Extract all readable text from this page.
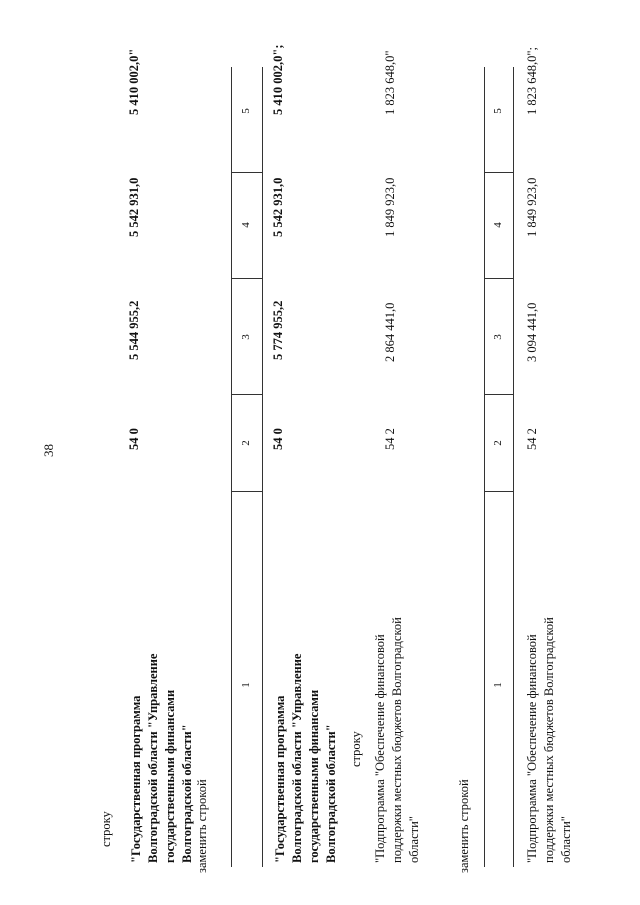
38
строку "Государственная программа Волгоградской области "Управление государственными финансами Волгоградской области"
54 0
5 544 955,2
5 542 931,0
5 410 002,0"
заменить строкой
1
2
3
4
5
"Государственная программа Волгоградской области "Управление государственными финансами Волгоградской области"
54 0
5 774 955,2
5 542 931,0
5 410 002,0";
строку "Подпрограмма "Обеспечение финансовой поддержки местных бюджетов Волгоградской области"
54 2
2 864 441,0
1 849 923,0
1 823 648,0"
заменить строкой
1
2
3
4
5
"Подпрограмма "Обеспечение финансовой поддержки местных бюджетов Волгоградской области"
54 2
3 094 441,0
1 849 923,0
1 823 648,0";
